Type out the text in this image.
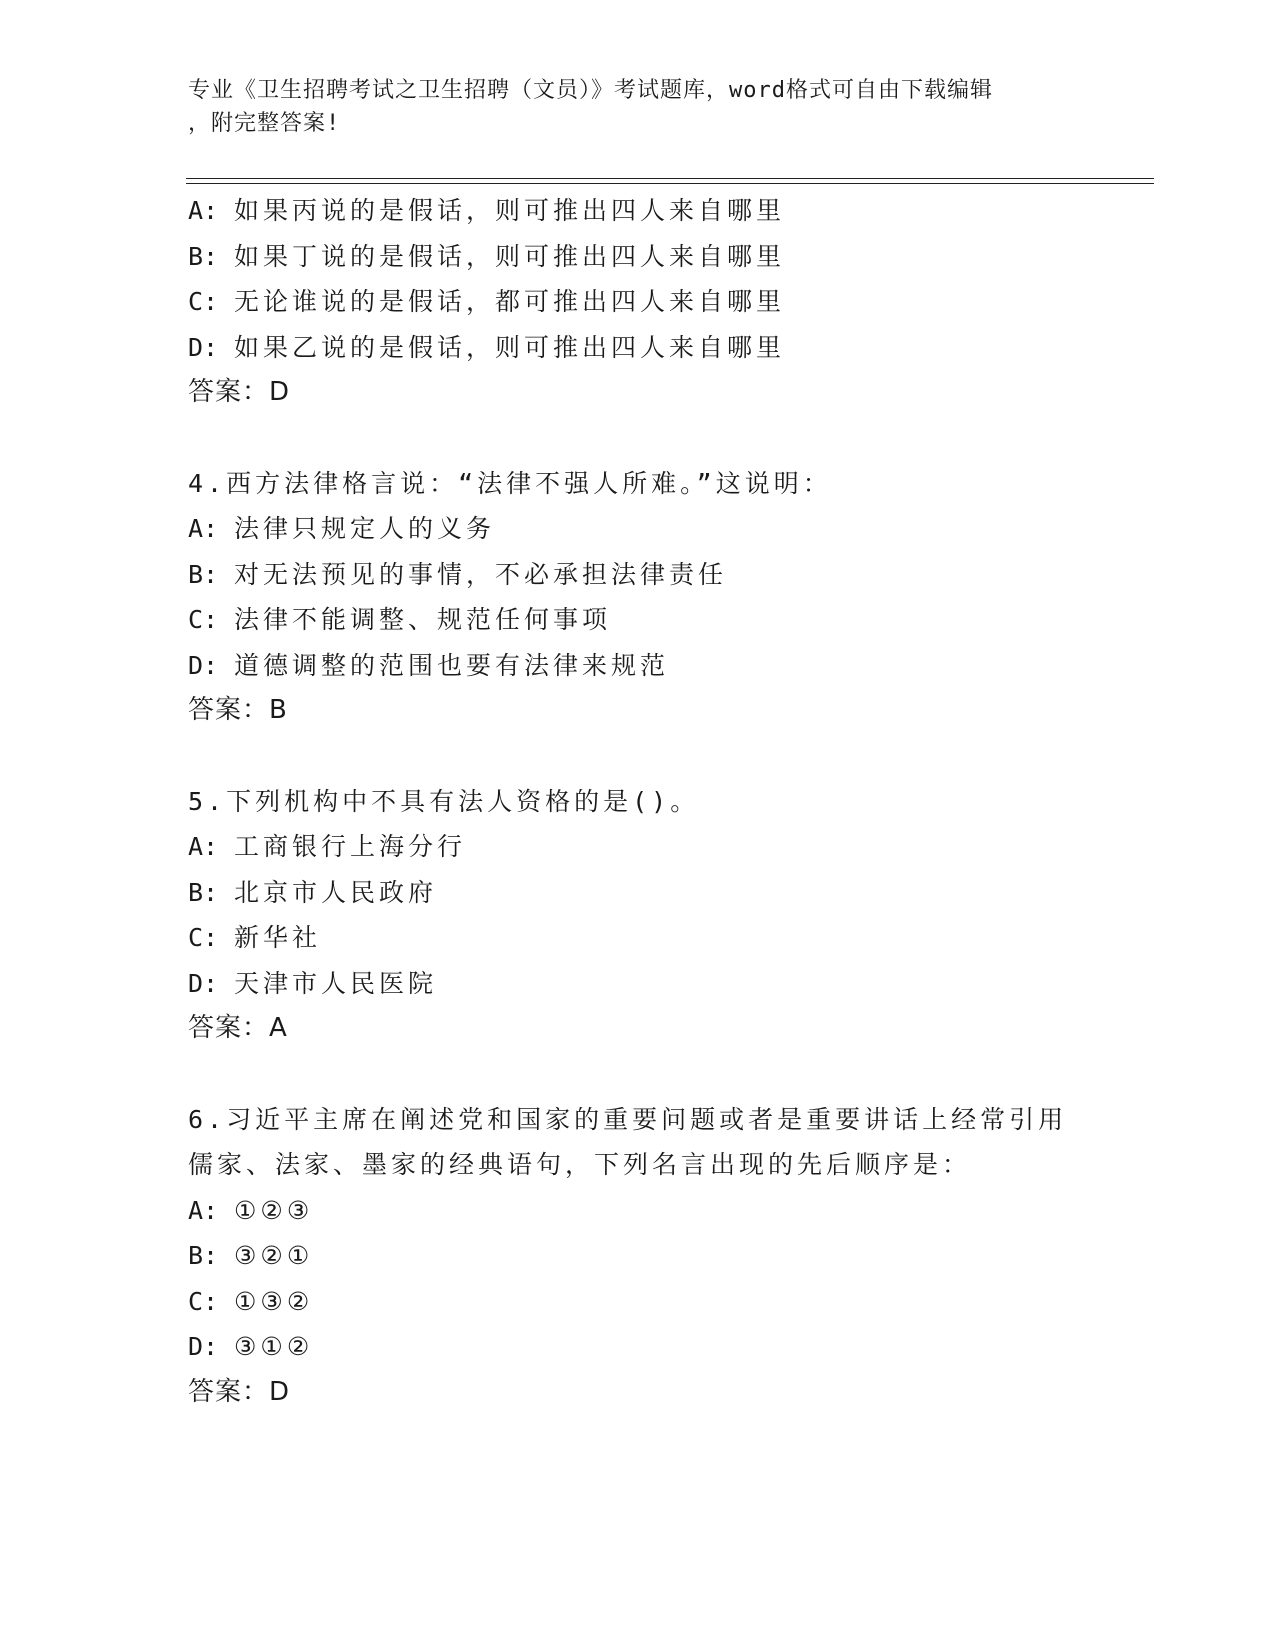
专业《卫生招聘考试之卫生招聘（文员）》考试题库，word格式可自由下载编辑
，附完整答案!
A: 如果丙说的是假话，则可推出四人来自哪里
B: 如果丁说的是假话，则可推出四人来自哪里
C: 无论谁说的是假话，都可推出四人来自哪里
D: 如果乙说的是假话，则可推出四人来自哪里
答案：D
4.西方法律格言说：“法律不强人所难。”这说明：
A: 法律只规定人的义务
B: 对无法预见的事情，不必承担法律责任
C: 法律不能调整、规范任何事项
D: 道德调整的范围也要有法律来规范
答案：B
5.下列机构中不具有法人资格的是()。
A: 工商银行上海分行
B: 北京市人民政府
C: 新华社
D: 天津市人民医院
答案：A
6.习近平主席在阐述党和国家的重要问题或者是重要讲话上经常引用
儒家、法家、墨家的经典语句，下列名言出现的先后顺序是：
A: ①②③
B: ③②①
C: ①③②
D: ③①②
答案：D
